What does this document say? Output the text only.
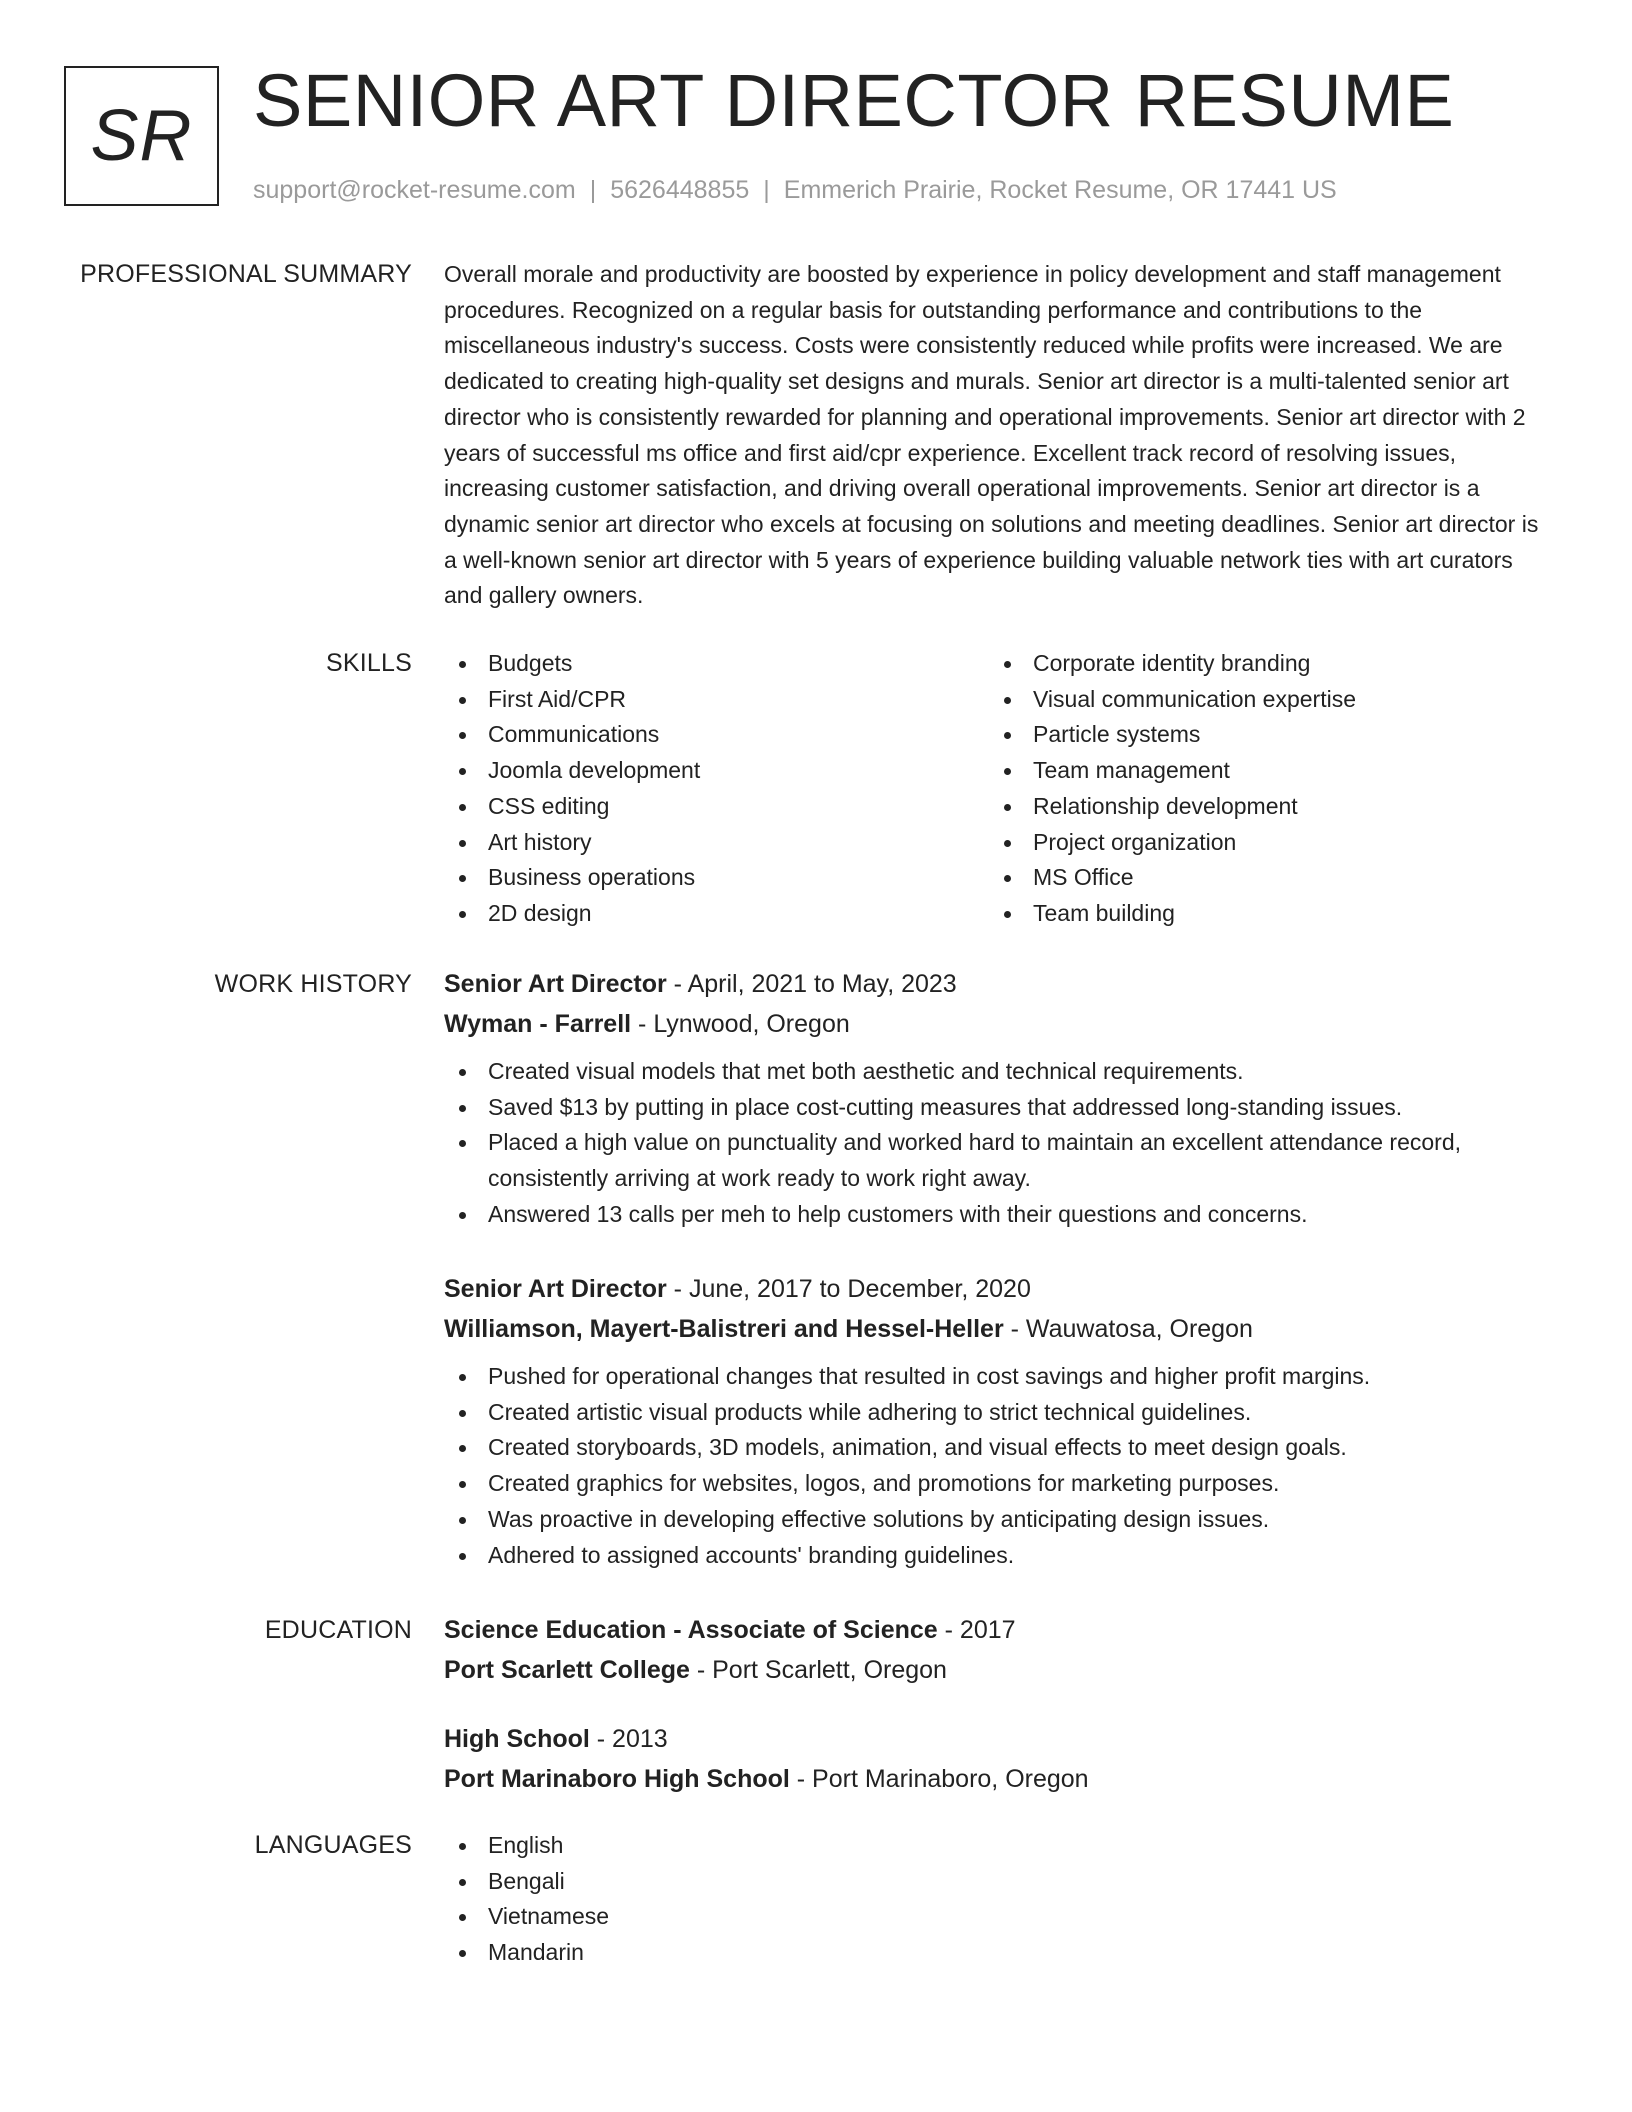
SR SENIOR ART DIRECTOR RESUME
support@rocket-resume.com | 5626448855 | Emmerich Prairie, Rocket Resume, OR 17441 US
PROFESSIONAL SUMMARY Overall morale and productivity are boosted by experience in policy development and staff management procedures. Recognized on a regular basis for outstanding performance and contributions to the miscellaneous industry's success. Costs were consistently reduced while profits were increased. We are dedicated to creating high-quality set designs and murals. Senior art director is a multi-talented senior art director who is consistently rewarded for planning and operational improvements. Senior art director with 2 years of successful ms office and first aid/cpr experience. Excellent track record of resolving issues, increasing customer satisfaction, and driving overall operational improvements. Senior art director is a dynamic senior art director who excels at focusing on solutions and meeting deadlines. Senior art director is a well-known senior art director with 5 years of experience building valuable network ties with art curators and gallery owners.
SKILLS	Budgets
First Aid/CPR
Communications
Joomla development
CSS editing
Art history
Business operations
2D design
Corporate identity branding
Visual communication expertise
Particle systems
Team management
Relationship development
Project organization
MS Office
Team building
WORK HISTORY Senior Art Director - April, 2021 to May, 2023
Wyman - Farrell - Lynwood, Oregon
Created visual models that met both aesthetic and technical requirements.
Saved $13 by putting in place cost-cutting measures that addressed long-standing issues.
Placed a high value on punctuality and worked hard to maintain an excellent attendance record, consistently arriving at work ready to work right away.
Answered 13 calls per meh to help customers with their questions and concerns.
Senior Art Director - June, 2017 to December, 2020
Williamson, Mayert-Balistreri and Hessel-Heller - Wauwatosa, Oregon
Pushed for operational changes that resulted in cost savings and higher profit margins.
Created artistic visual products while adhering to strict technical guidelines.
Created storyboards, 3D models, animation, and visual effects to meet design goals.
Created graphics for websites, logos, and promotions for marketing purposes.
Was proactive in developing effective solutions by anticipating design issues.
Adhered to assigned accounts' branding guidelines.
EDUCATION Science Education - Associate of Science - 2017
Port Scarlett College - Port Scarlett, Oregon
High School - 2013
Port Marinaboro High School - Port Marinaboro, Oregon
LANGUAGES	English
Bengali
Vietnamese
Mandarin
